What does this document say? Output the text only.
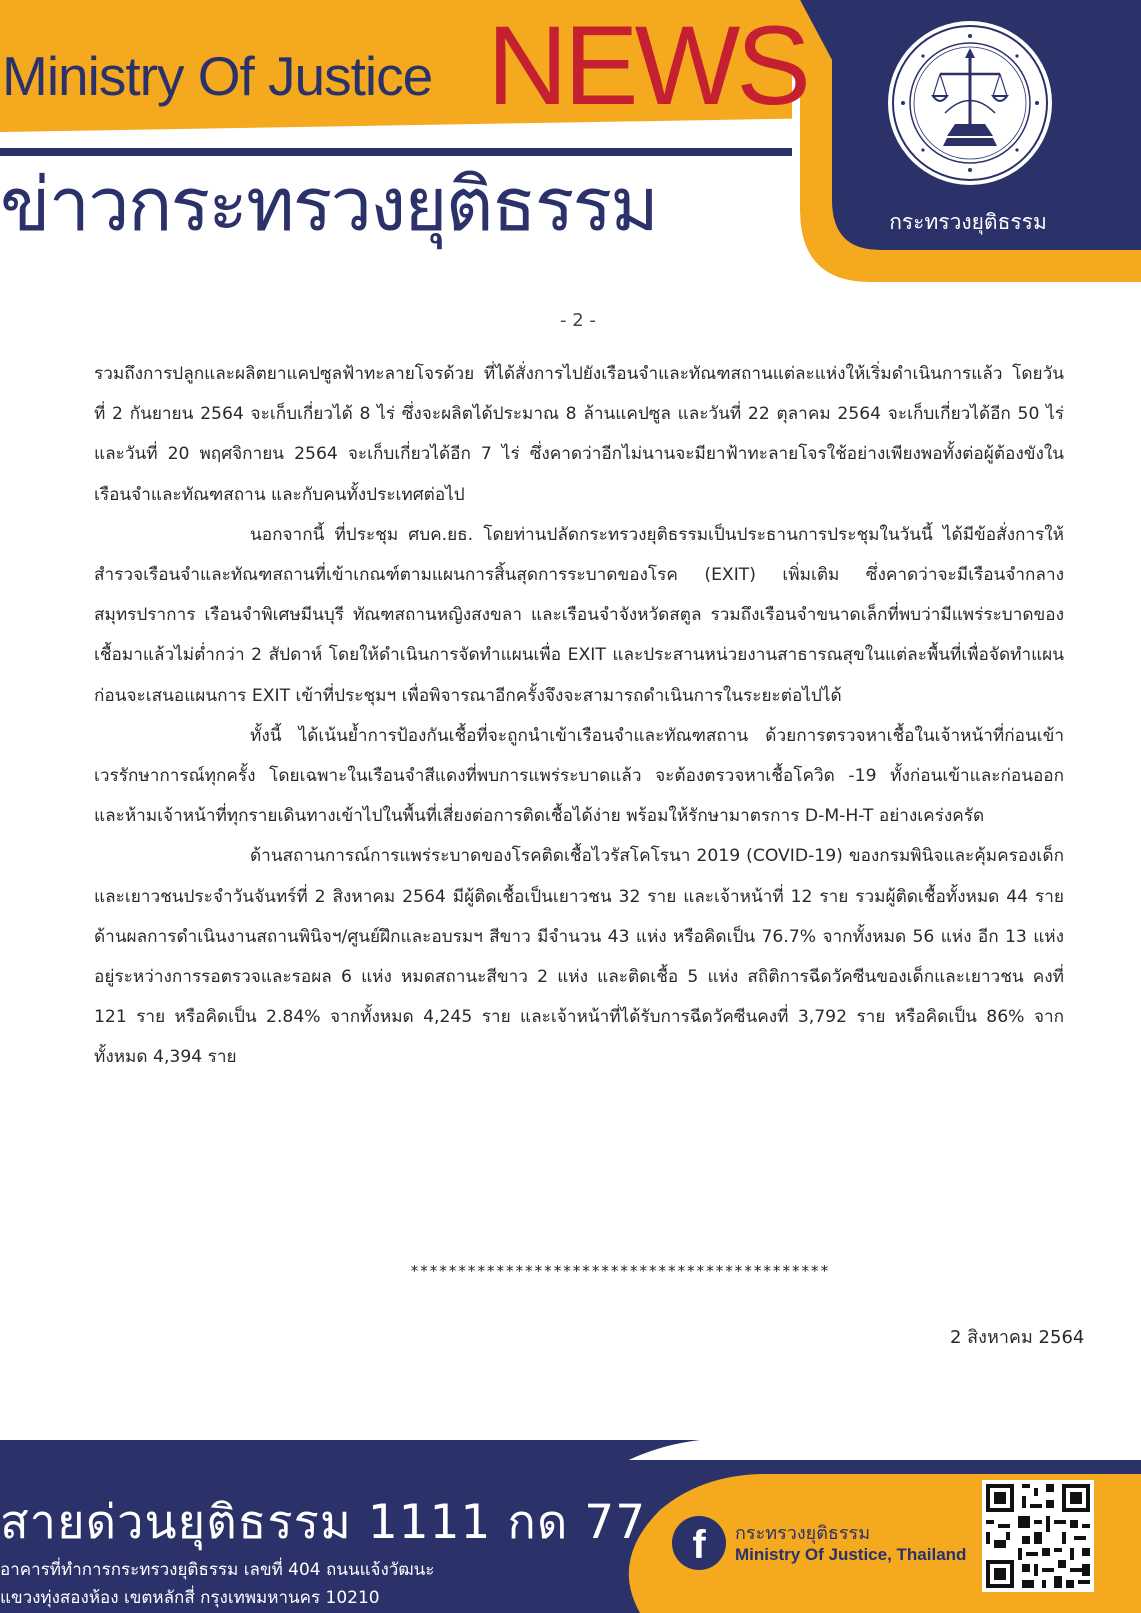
Ministry Of Justice NEWS
ข่าวกระทรวงยุติธรรม	กระทรวงยุติธรรม
- 2 -

รวมถึงการปลูกและผลิตยาแคปซูลฟ้าทะลายโจรด้วย ที่ได้สั่งการไปยังเรือนจำและทัณฑสถานแต่ละแห่งให้เริ่มดำเนินการแล้ว โดยวันที่ 2 กันยายน 2564 จะเก็บเกี่ยวได้ 8 ไร่ ซึ่งจะผลิตได้ประมาณ 8 ล้านแคปซูล และวันที่ 22 ตุลาคม 2564 จะเก็บเกี่ยวได้อีก 50 ไร่ และวันที่ 20 พฤศจิกายน 2564 จะเก็บเกี่ยวได้อีก 7 ไร่ ซึ่งคาดว่าอีกไม่นานจะมียาฟ้าทะลายโจรใช้อย่างเพียงพอทั้งต่อผู้ต้องขังในเรือนจำและทัณฑสถาน และกับคนทั้งประเทศต่อไป

นอกจากนี้ ที่ประชุม ศบค.ยธ. โดยท่านปลัดกระทรวงยุติธรรมเป็นประธานการประชุมในวันนี้ ได้มีข้อสั่งการให้สำรวจเรือนจำและทัณฑสถานที่เข้าเกณฑ์ตามแผนการสิ้นสุดการระบาดของโรค (EXIT) เพิ่มเติม ซึ่งคาดว่าจะมีเรือนจำกลางสมุทรปราการ เรือนจำพิเศษมีนบุรี ทัณฑสถานหญิงสงขลา และเรือนจำจังหวัดสตูล รวมถึงเรือนจำขนาดเล็กที่พบว่ามีแพร่ระบาดของเชื้อมาแล้วไม่ต่ำกว่า 2 สัปดาห์ โดยให้ดำเนินการจัดทำแผนเพื่อ EXIT และประสานหน่วยงานสาธารณสุขในแต่ละพื้นที่เพื่อจัดทำแผน ก่อนจะเสนอแผนการ EXIT เข้าที่ประชุมฯ เพื่อพิจารณาอีกครั้งจึงจะสามารถดำเนินการในระยะต่อไปได้

ทั้งนี้ ได้เน้นย้ำการป้องกันเชื้อที่จะถูกนำเข้าเรือนจำและทัณฑสถาน ด้วยการตรวจหาเชื้อในเจ้าหน้าที่ก่อนเข้าเวรรักษาการณ์ทุกครั้ง โดยเฉพาะในเรือนจำสีแดงที่พบการแพร่ระบาดแล้ว จะต้องตรวจหาเชื้อโควิด -19 ทั้งก่อนเข้าและก่อนออก และห้ามเจ้าหน้าที่ทุกรายเดินทางเข้าไปในพื้นที่เสี่ยงต่อการติดเชื้อได้ง่าย พร้อมให้รักษามาตรการ D-M-H-T อย่างเคร่งครัด

ด้านสถานการณ์การแพร่ระบาดของโรคติดเชื้อไวรัสโคโรนา 2019 (COVID-19) ของกรมพินิจและคุ้มครองเด็กและเยาวชนประจำวันจันทร์ที่ 2 สิงหาคม 2564 มีผู้ติดเชื้อเป็นเยาวชน 32 ราย และเจ้าหน้าที่ 12 ราย รวมผู้ติดเชื้อทั้งหมด 44 ราย ด้านผลการดำเนินงานสถานพินิจฯ/ศูนย์ฝึกและอบรมฯ สีขาว มีจำนวน 43 แห่ง หรือคิดเป็น 76.7% จากทั้งหมด 56 แห่ง อีก 13 แห่ง อยู่ระหว่างการรอตรวจและรอผล 6 แห่ง หมดสถานะสีขาว 2 แห่ง และติดเชื้อ 5 แห่ง สถิติการฉีดวัคซีนของเด็กและเยาวชน คงที่ 121 ราย หรือคิดเป็น 2.84% จากทั้งหมด 4,245 ราย และเจ้าหน้าที่ได้รับการฉีดวัคซีนคงที่ 3,792 ราย หรือคิดเป็น 86% จากทั้งหมด 4,394 ราย

********************************************
2 สิงหาคม 2564
สายด่วนยุติธรรม 1111 กด 77
อาคารที่ทำการกระทรวงยุติธรรม เลขที่ 404 ถนนแจ้งวัฒนะ
แขวงทุ่งสองห้อง เขตหลักสี่ กรุงเทพมหานคร 10210
f	กระทรวงยุติธรรม
Ministry Of Justice, Thailand
